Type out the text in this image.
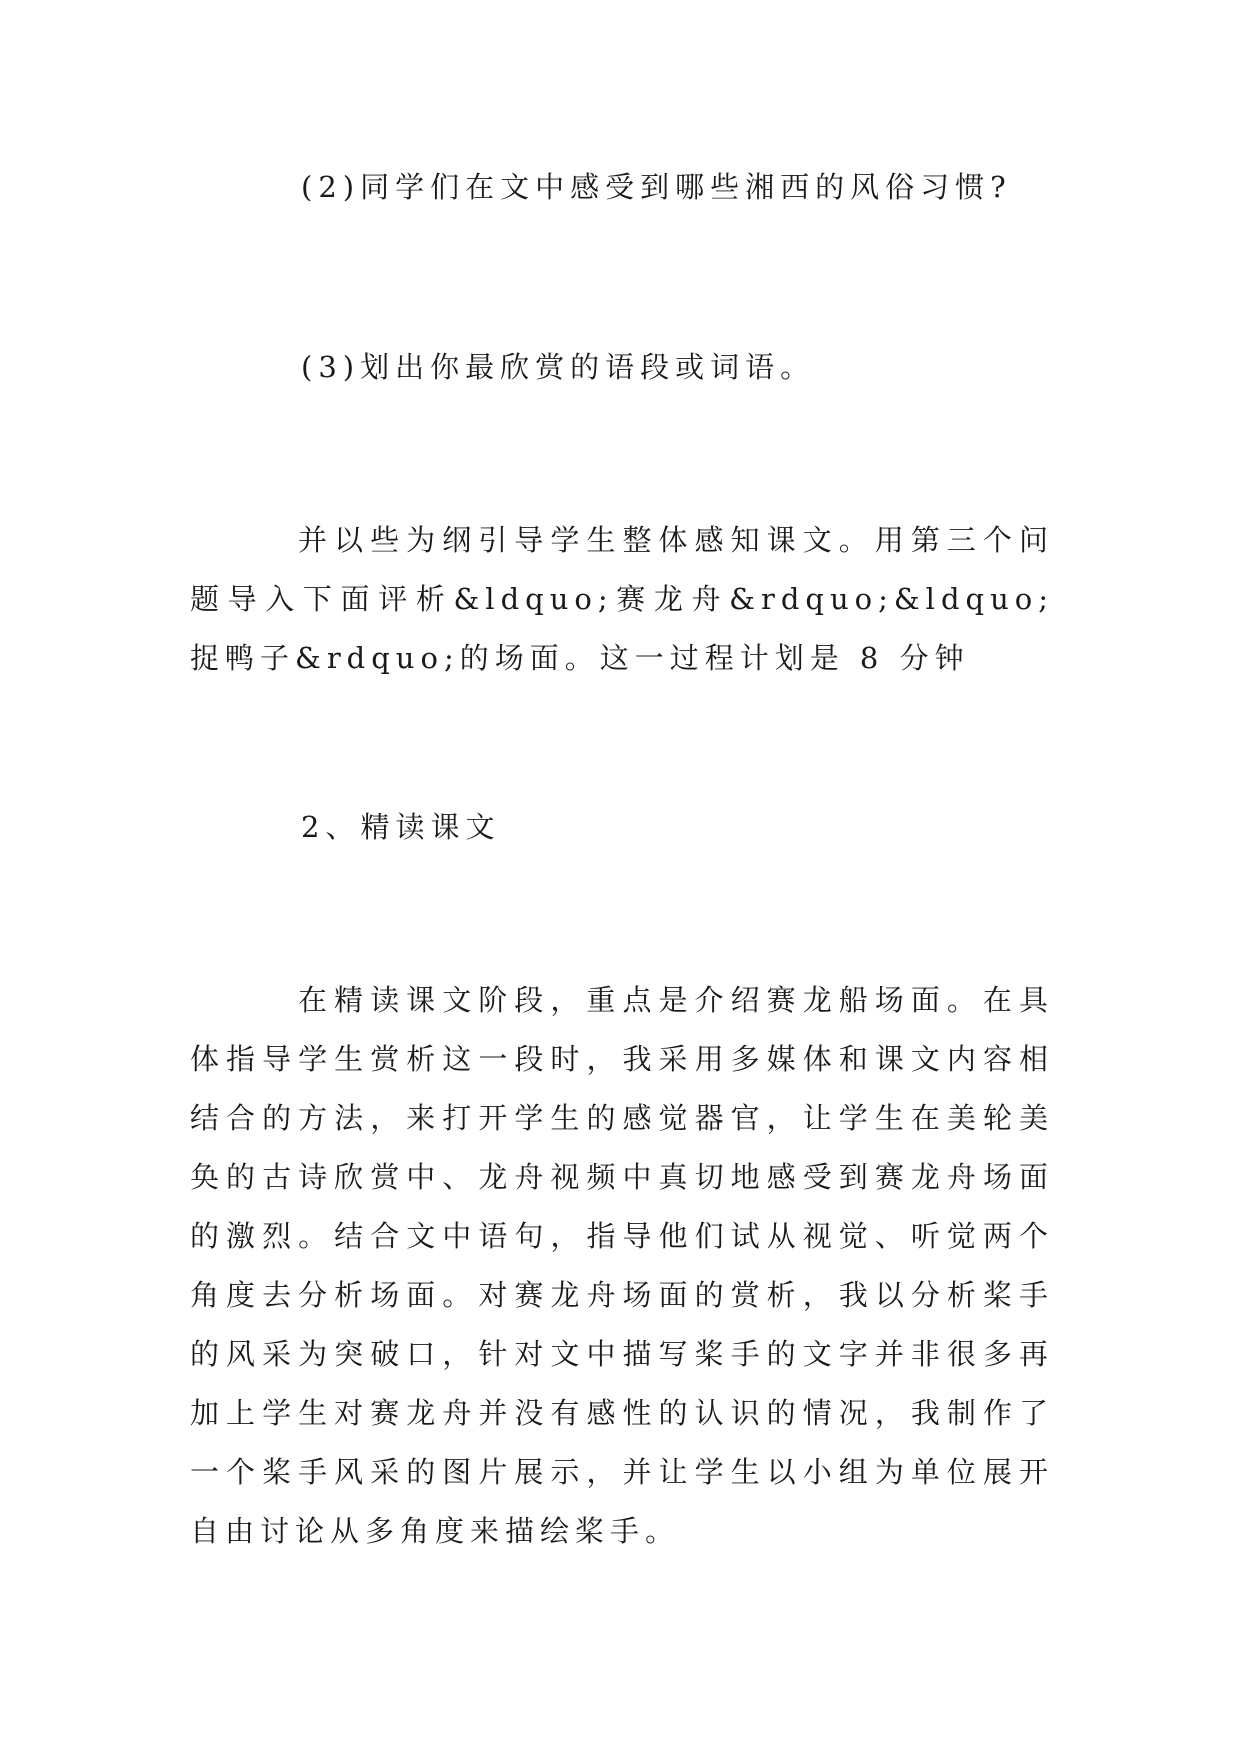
(2)同学们在文中感受到哪些湘西的风俗习惯?

(3)划出你最欣赏的语段或词语。

并以些为纲引导学生整体感知课文。用第三个问题导入下面评析&ldquo;赛龙舟&rdquo;&ldquo;捉鸭子&rdquo;的场面。这一过程计划是 8 分钟

2、精读课文

在精读课文阶段，重点是介绍赛龙船场面。在具体指导学生赏析这一段时，我采用多媒体和课文内容相结合的方法，来打开学生的感觉器官，让学生在美轮美奂的古诗欣赏中、龙舟视频中真切地感受到赛龙舟场面的激烈。结合文中语句，指导他们试从视觉、听觉两个角度去分析场面。对赛龙舟场面的赏析，我以分析桨手的风采为突破口，针对文中描写桨手的文字并非很多再加上学生对赛龙舟并没有感性的认识的情况，我制作了一个桨手风采的图片展示，并让学生以小组为单位展开自由讨论从多角度来描绘桨手。
